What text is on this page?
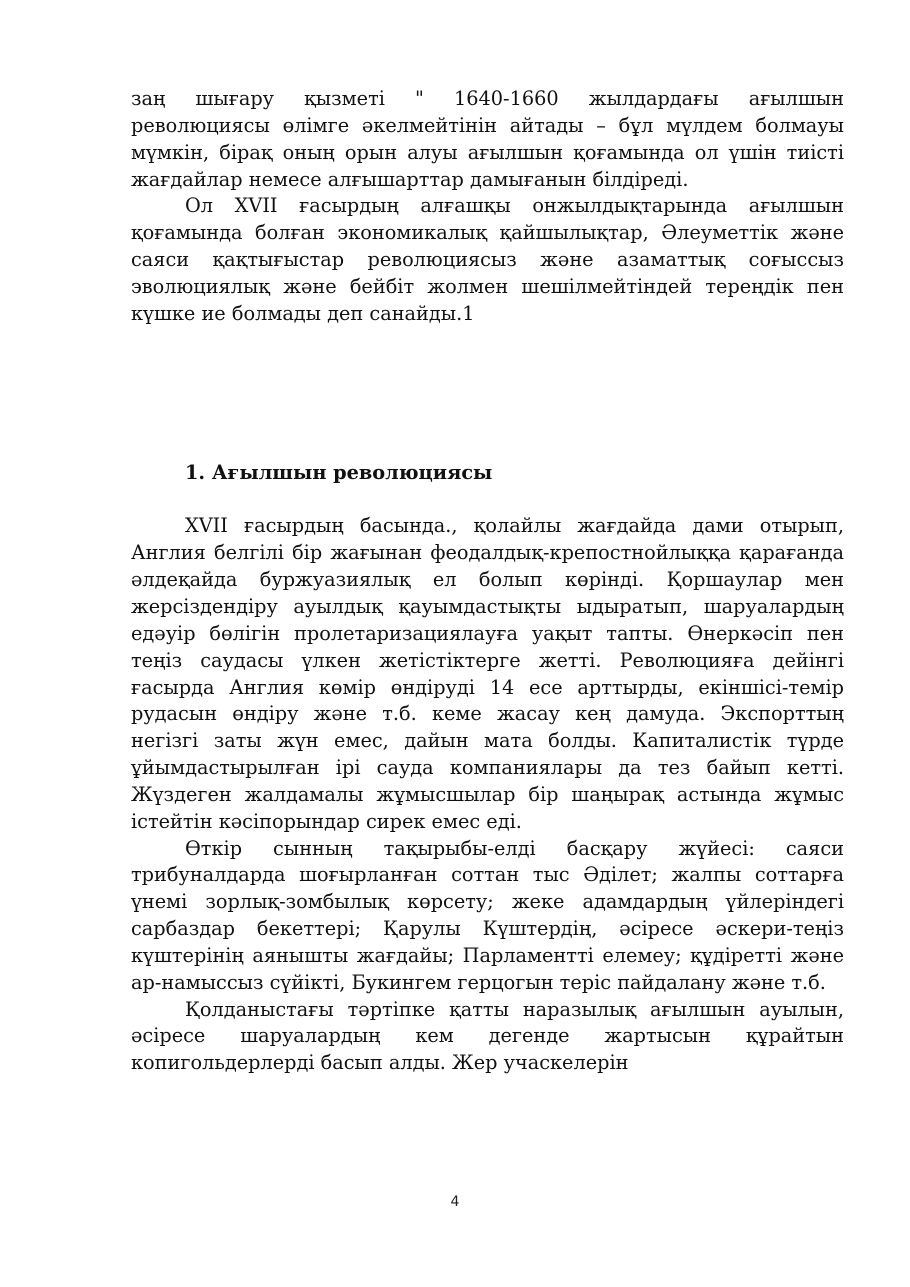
заң шығару қызметі " 1640-1660 жылдардағы ағылшын революциясы өлімге әкелмейтінін айтады – бұл мүлдем болмауы мүмкін, бірақ оның орын алуы ағылшын қоғамында ол үшін тиісті жағдайлар немесе алғышарттар дамығанын білдіреді.

Ол XVII ғасырдың алғашқы онжылдықтарында ағылшын қоғамында болған экономикалық қайшылықтар, Әлеуметтік және саяси қақтығыстар революциясыз және азаматтық соғыссыз эволюциялық және бейбіт жолмен шешілмейтіндей тереңдік пен күшке ие болмады деп санайды.1

1. Ағылшын революциясы

XVII ғасырдың басында., қолайлы жағдайда дами отырып, Англия белгілі бір жағынан феодалдық-крепостнойлыққа қарағанда әлдеқайда буржуазиялық ел болып көрінді. Қоршаулар мен жерсіздендіру ауылдық қауымдастықты ыдыратып, шаруалардың едәуір бөлігін пролетаризациялауға уақыт тапты. Өнеркәсіп пен теңіз саудасы үлкен жетістіктерге жетті. Революцияға дейінгі ғасырда Англия көмір өндіруді 14 есе арттырды, екіншісі-темір рудасын өндіру және т.б. кеме жасау кең дамуда. Экспорттың негізгі заты жүн емес, дайын мата болды. Капиталистік түрде ұйымдастырылған ірі сауда компаниялары да тез байып кетті. Жүздеген жалдамалы жұмысшылар бір шаңырақ астында жұмыс істейтін кәсіпорындар сирек емес еді.

Өткір сынның тақырыбы-елді басқару жүйесі: саяси трибуналдарда шоғырланған соттан тыс Әділет; жалпы соттарға үнемі зорлық-зомбылық көрсету; жеке адамдардың үйлеріндегі сарбаздар бекеттері; Қарулы Күштердің, әсіресе әскери-теңіз күштерінің аянышты жағдайы; Парламентті елемеу; құдіретті және ар-намыссыз сүйікті, Букингем герцогын теріс пайдалану және т.б.

Қолданыстағы тәртіпке қатты наразылық ағылшын ауылын, әсіресе шаруалардың кем дегенде жартысын құрайтын копигольдерлерді басып алды. Жер учаскелерін

4
